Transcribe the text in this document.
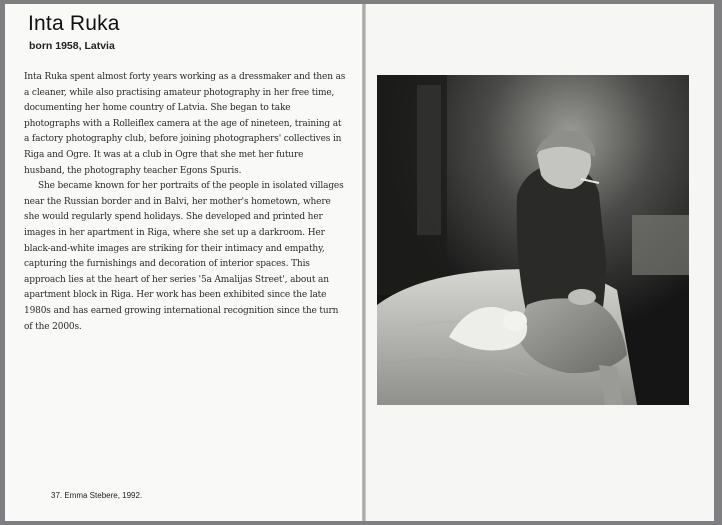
Inta Ruka

born 1958, Latvia

Inta Ruka spent almost forty years working as a dressmaker and then as a cleaner, while also practising amateur photography in her free time, documenting her home country of Latvia. She began to take photographs with a Rolleiflex camera at the age of nineteen, training at a factory photography club, before joining photographers' collectives in Riga and Ogre. It was at a club in Ogre that she met her future husband, the photography teacher Egons Spuris.

She became known for her portraits of the people in isolated villages near the Russian border and in Balvi, her mother's hometown, where she would regularly spend holidays. She developed and printed her images in her apartment in Riga, where she set up a darkroom. Her black-and-white images are striking for their intimacy and empathy, capturing the furnishings and decoration of interior spaces. This approach lies at the heart of her series '5a Amalijas Street', about an apartment block in Riga. Her work has been exhibited since the late 1980s and has earned growing international recognition since the turn of the 2000s.

37. Emma Stebere, 1992.
